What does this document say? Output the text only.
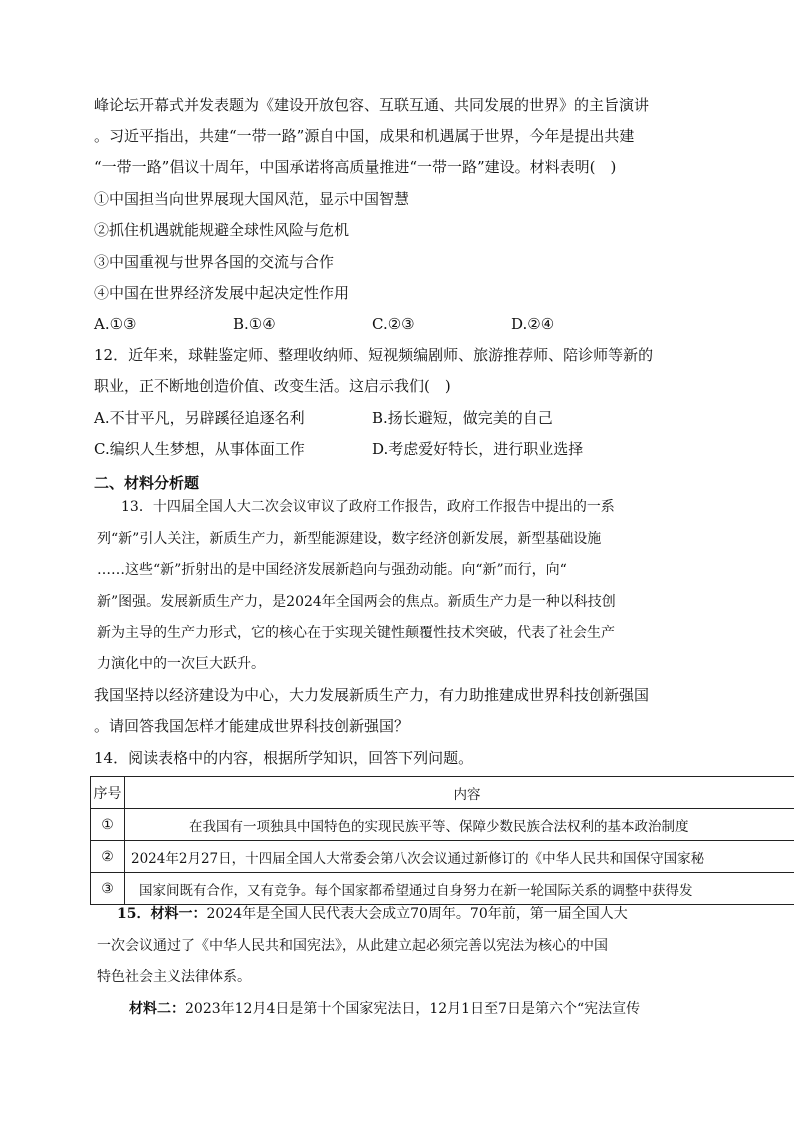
峰论坛开幕式并发表题为《建设开放包容、互联互通、共同发展的世界》的主旨演讲
。习近平指出，共建“一带一路”源自中国，成果和机遇属于世界，今年是提出共建
“一带一路”倡议十周年，中国承诺将高质量推进“一带一路”建设。材料表明(　)
①中国担当向世界展现大国风范，显示中国智慧
②抓住机遇就能规避全球性风险与危机
③中国重视与世界各国的交流与合作
④中国在世界经济发展中起决定性作用
A.①③	B.①④	C.②③	D.②④
12．近年来，球鞋鉴定师、整理收纳师、短视频编剧师、旅游推荐师、陪诊师等新的
职业，正不断地创造价值、改变生活。这启示我们(　)
A.不甘平凡，另辟蹊径追逐名利	B.扬长避短，做完美的自己
C.编织人生梦想，从事体面工作	D.考虑爱好特长，进行职业选择
二、材料分析题
13．十四届全国人大二次会议审议了政府工作报告，政府工作报告中提出的一系
列“新”引人关注，新质生产力，新型能源建设，数字经济创新发展，新型基础设施
……这些“新”折射出的是中国经济发展新趋向与强劲动能。向“新”而行，向“
新”图强。发展新质生产力，是2024年全国两会的焦点。新质生产力是一种以科技创
新为主导的生产力形式，它的核心在于实现关键性颠覆性技术突破，代表了社会生产
力演化中的一次巨大跃升。
我国坚持以经济建设为中心，大力发展新质生产力，有力助推建成世界科技创新强国
。请回答我国怎样才能建成世界科技创新强国？
14．阅读表格中的内容，根据所学知识，回答下列问题。
序号	内容
①	在我国有一项独具中国特色的实现民族平等、保障少数民族合法权利的基本政治制度
②	2024年2月27日，十四届全国人大常委会第八次会议通过新修订的《中华人民共和国保守国家秘
③	国家间既有合作，又有竞争。每个国家都希望通过自身努力在新一轮国际关系的调整中获得发
15．材料一：2024年是全国人民代表大会成立70周年。70年前，第一届全国人大
一次会议通过了《中华人民共和国宪法》，从此建立起必须完善以宪法为核心的中国
特色社会主义法律体系。
材料二：2023年12月4日是第十个国家宪法日，12月1日至7日是第六个“宪法宣传
